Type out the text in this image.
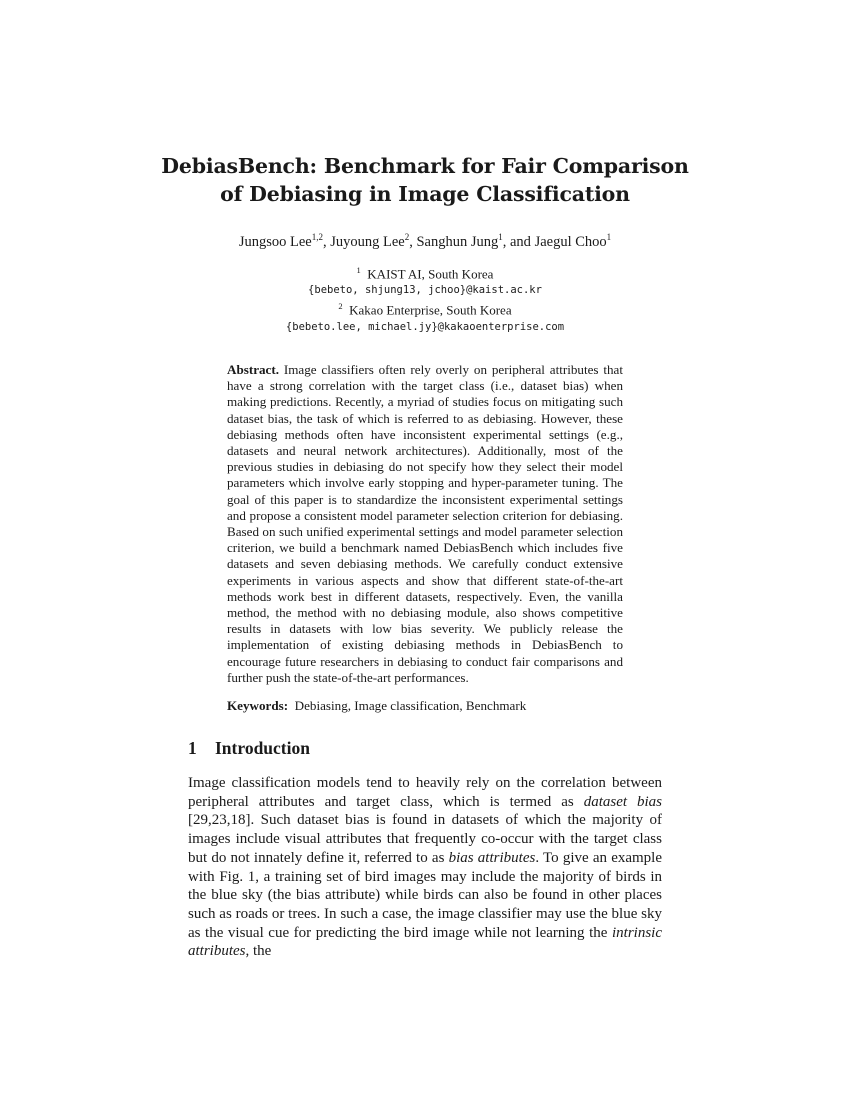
DebiasBench: Benchmark for Fair Comparison of Debiasing in Image Classification
Jungsoo Lee$^{1,2}$, Juyoung Lee$^2$, Sanghun Jung$^1$, and Jaegul Choo$^1$
$^1$ KAIST AI, South Korea
{bebeto, shjung13, jchoo}@kaist.ac.kr
$^2$ Kakao Enterprise, South Korea
{bebeto.lee, michael.jy}@kakaoenterprise.com
Abstract. Image classifiers often rely overly on peripheral attributes that have a strong correlation with the target class (i.e., dataset bias) when making predictions. Recently, a myriad of studies focus on mitigating such dataset bias, the task of which is referred to as debiasing. However, these debiasing methods often have inconsistent experimental settings (e.g., datasets and neural network architectures). Additionally, most of the previous studies in debiasing do not specify how they select their model parameters which involve early stopping and hyper-parameter tuning. The goal of this paper is to standardize the inconsistent experimental settings and propose a consistent model parameter selection criterion for debiasing. Based on such unified experimental settings and model parameter selection criterion, we build a benchmark named DebiasBench which includes five datasets and seven debiasing methods. We carefully conduct extensive experiments in various aspects and show that different state-of-the-art methods work best in different datasets, respectively. Even, the vanilla method, the method with no debiasing module, also shows competitive results in datasets with low bias severity. We publicly release the implementation of existing debiasing methods in DebiasBench to encourage future researchers in debiasing to conduct fair comparisons and further push the state-of-the-art performances.
Keywords: Debiasing, Image classification, Benchmark
1 Introduction

Image classification models tend to heavily rely on the correlation between peripheral attributes and target class, which is termed as dataset bias [29,23,18]. Such dataset bias is found in datasets of which the majority of images include visual attributes that frequently co-occur with the target class but do not innately define it, referred to as bias attributes. To give an example with Fig. 1, a training set of bird images may include the majority of birds in the blue sky (the bias attribute) while birds can also be found in other places such as roads or trees. In such a case, the image classifier may use the blue sky as the visual cue for predicting the bird image while not learning the intrinsic attributes, the
